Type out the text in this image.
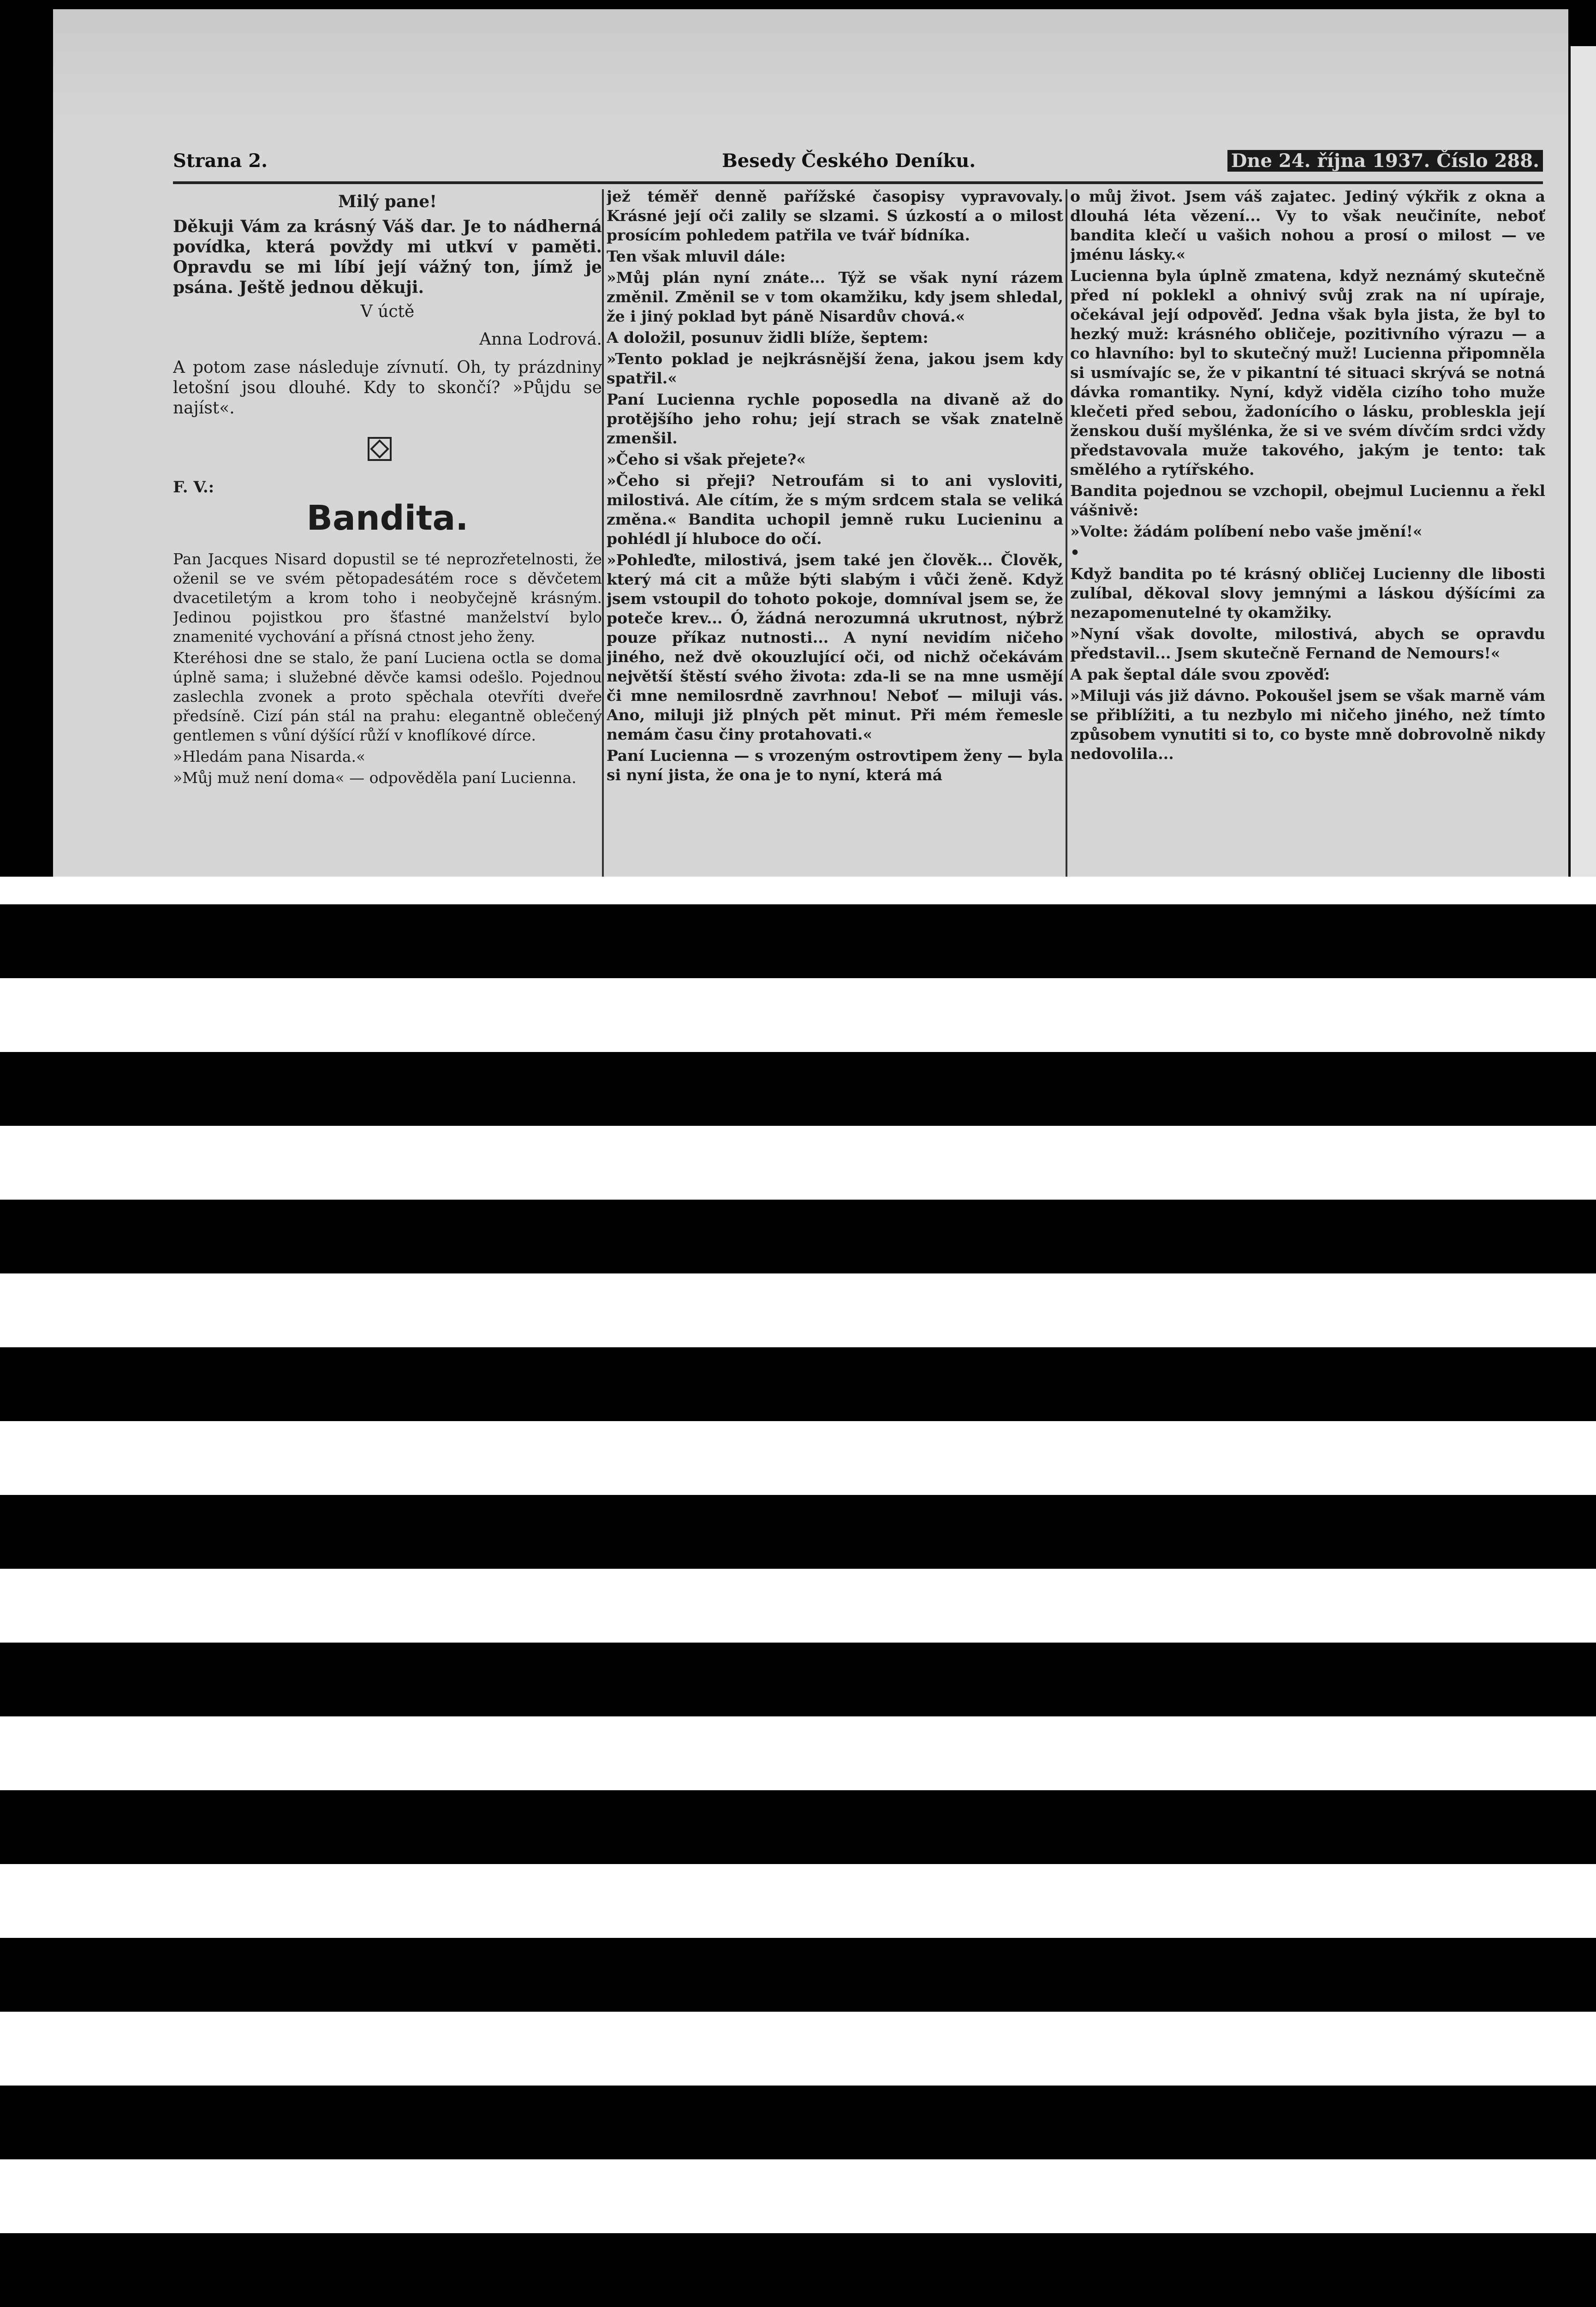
Strana 2.	Besedy Českého Deníku.	Dne 24. října 1937. Číslo 288.

Milý pane!

Děkuji Vám za krásný Váš dar. Je to nádherná povídka, která povždy mi utkví v paměti. Opravdu se mi líbí její vážný ton, jímž je psána. Ještě jednou děkuji.

V úctě

Anna Lodrová.

A potom zase následuje zívnutí. Oh, ty prázdniny letošní jsou dlouhé. Kdy to skončí? »Půjdu se najíst«.

F. V.:

Bandita.

Pan Jacques Nisard dopustil se té neprozřetelnosti, že oženil se ve svém pětopadesátém roce s děvčetem dvacetiletým a krom toho i neobyčejně krásným. Jedinou pojistkou pro šťastné manželství bylo znamenité vychování a přísná ctnost jeho ženy.

Kteréhosi dne se stalo, že paní Luciena octla se doma úplně sama; i služebné děvče kamsi odešlo. Pojednou zaslechla zvonek a proto spěchala otevříti dveře předsíně. Cizí pán stál na prahu: elegantně oblečený gentlemen s vůní dýšící růží v knoflíkové dírce.

»Hledám pana Nisarda.«

»Můj muž není doma« — odpověděla paní Lucienna.

jež téměř denně pařížské časopisy vypravovaly. Krásné její oči zalily se slzami. S úzkostí a o milost prosícím pohledem patřila ve tvář bídníka.

Ten však mluvil dále:

»Můj plán nyní znáte... Týž se však nyní rázem změnil. Změnil se v tom okamžiku, kdy jsem shledal, že i jiný poklad byt páně Nisardův chová.«

A doložil, posunuv židli blíže, šeptem:

»Tento poklad je nejkrásnější žena, jakou jsem kdy spatřil.«

Paní Lucienna rychle poposedla na divaně až do protějšího jeho rohu; její strach se však znatelně zmenšil.

»Čeho si však přejete?«

»Čeho si přeji? Netroufám si to ani vysloviti, milostivá. Ale cítím, že s mým srdcem stala se veliká změna.« Bandita uchopil jemně ruku Lucieninu a pohlédl jí hluboce do očí.

»Pohleďte, milostivá, jsem také jen člověk... Člověk, který má cit a může býti slabým i vůči ženě. Když jsem vstoupil do tohoto pokoje, domníval jsem se, že poteče krev... Ó, žádná nerozumná ukrutnost, nýbrž pouze příkaz nutnosti... A nyní nevidím ničeho jiného, než dvě okouzlující oči, od nichž očekávám největší štěstí svého života: zda-li se na mne usmějí či mne nemilosrdně zavrhnou! Neboť — miluji vás. Ano, miluji již plných pět minut. Při mém řemesle nemám času činy protahovati.«

Paní Lucienna — s vrozeným ostrovtipem ženy — byla si nyní jista, že ona je to nyní, která má

o můj život. Jsem váš zajatec. Jediný výkřik z okna a dlouhá léta vězení... Vy to však neučiníte, neboť bandita klečí u vašich nohou a prosí o milost — ve jménu lásky.«

Lucienna byla úplně zmatena, když neznámý skutečně před ní poklekl a ohnivý svůj zrak na ní upíraje, očekával její odpověď. Jedna však byla jista, že byl to hezký muž: krásného obličeje, pozitivního výrazu — a co hlavního: byl to skutečný muž! Lucienna připomněla si usmívajíc se, že v pikantní té situaci skrývá se notná dávka romantiky. Nyní, když viděla cizího toho muže klečeti před sebou, žadonícího o lásku, probleskla její ženskou duší myšlénka, že si ve svém dívčím srdci vždy představovala muže takového, jakým je tento: tak smělého a rytířského.

Bandita pojednou se vzchopil, obejmul Luciennu a řekl vášnivě:

»Volte: žádám políbení nebo vaše jmění!«

•

Když bandita po té krásný obličej Lucienny dle libosti zulíbal, děkoval slovy jemnými a láskou dýšícími za nezapomenutelné ty okamžiky.

»Nyní však dovolte, milostivá, abych se opravdu představil... Jsem skutečně Fernand de Nemours!«

A pak šeptal dále svou zpověď:

»Miluji vás již dávno. Pokoušel jsem se však marně vám se přiblížiti, a tu nezbylo mi ničeho jiného, než tímto způsobem vynutiti si to, co byste mně dobrovolně nikdy nedovolila...
